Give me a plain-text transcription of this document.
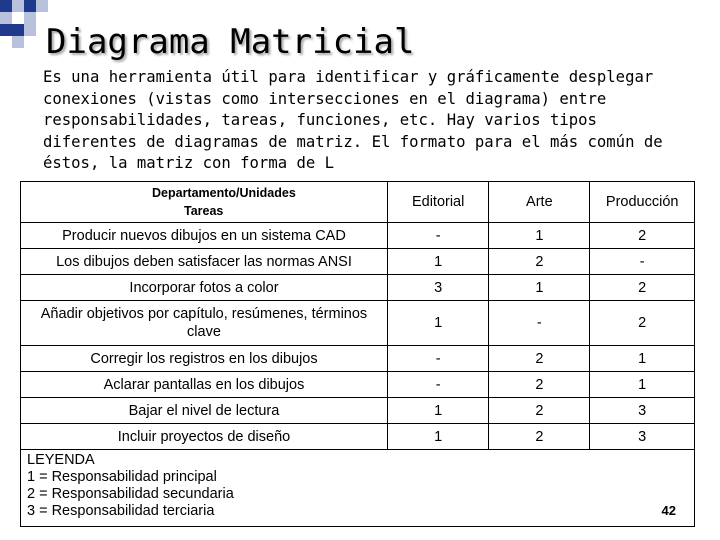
Diagrama Matricial
Es una herramienta útil para identificar y gráficamente desplegar conexiones (vistas como intersecciones en el diagrama) entre responsabilidades, tareas, funciones, etc. Hay varios tipos diferentes de diagramas de matriz. El formato para el más común de éstos, la matriz con forma de L
Departamento/Unidades
Tareas	Editorial	Arte	Producción
Producir nuevos dibujos en un sistema CAD	-	1	2
Los dibujos deben satisfacer las normas ANSI	1	2	-
Incorporar fotos a color	3	1	2
Añadir objetivos por capítulo, resúmenes, términos clave	1	-	2
Corregir los registros en los dibujos	-	2	1
Aclarar pantallas en los dibujos	-	2	1
Bajar el nivel de lectura	1	2	3
Incluir proyectos de diseño	1	2	3

LEYENDA
1 = Responsabilidad principal
2 = Responsabilidad secundaria
3 = Responsabilidad terciaria 42			
